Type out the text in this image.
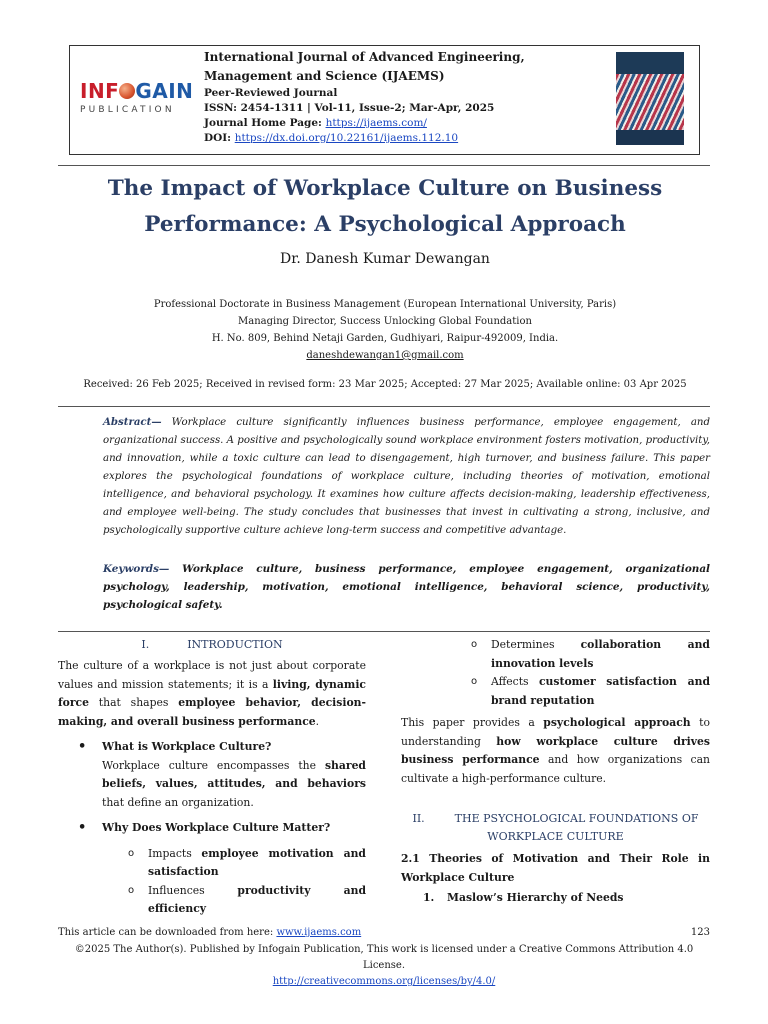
INF GAIN
PUBLICATION
International Journal of Advanced Engineering, Management and Science (IJAEMS)
Peer-Reviewed Journal
ISSN: 2454-1311 | Vol-11, Issue-2; Mar-Apr, 2025
Journal Home Page: https://ijaems.com/
DOI: https://dx.doi.org/10.22161/ijaems.112.10
The Impact of Workplace Culture on Business Performance: A Psychological Approach
Dr. Danesh Kumar Dewangan
Professional Doctorate in Business Management (European International University, Paris)
Managing Director, Success Unlocking Global Foundation
H. No. 809, Behind Netaji Garden, Gudhiyari, Raipur-492009, India.
daneshdewangan1@gmail.com
Received: 26 Feb 2025; Received in revised form: 23 Mar 2025; Accepted: 27 Mar 2025; Available online: 03 Apr 2025
Abstract— Workplace culture significantly influences business performance, employee engagement, and organizational success. A positive and psychologically sound workplace environment fosters motivation, productivity, and innovation, while a toxic culture can lead to disengagement, high turnover, and business failure. This paper explores the psychological foundations of workplace culture, including theories of motivation, emotional intelligence, and behavioral psychology. It examines how culture affects decision-making, leadership effectiveness, and employee well-being. The study concludes that businesses that invest in cultivating a strong, inclusive, and psychologically supportive culture achieve long-term success and competitive advantage.
Keywords— Workplace culture, business performance, employee engagement, organizational psychology, leadership, motivation, emotional intelligence, behavioral science, productivity, psychological safety.
I.	INTRODUCTION
The culture of a workplace is not just about corporate values and mission statements; it is a living, dynamic force that shapes employee behavior, decision-making, and overall business performance.
• What is Workplace Culture?
Workplace culture encompasses the shared beliefs, values, attitudes, and behaviors that define an organization.
• Why Does Workplace Culture Matter?
o Impacts employee motivation and satisfaction
o Influences productivity and efficiency
o Determines collaboration and innovation levels
o Affects customer satisfaction and brand reputation
This paper provides a psychological approach to understanding how workplace culture drives business performance and how organizations can cultivate a high-performance culture.
II.	THE PSYCHOLOGICAL FOUNDATIONS OF WORKPLACE CULTURE
2.1 Theories of Motivation and Their Role in Workplace Culture
1. Maslow’s Hierarchy of Needs
This article can be downloaded from here: www.ijaems.com	123
©2025 The Author(s). Published by Infogain Publication, This work is licensed under a Creative Commons Attribution 4.0 License.
http://creativecommons.org/licenses/by/4.0/
